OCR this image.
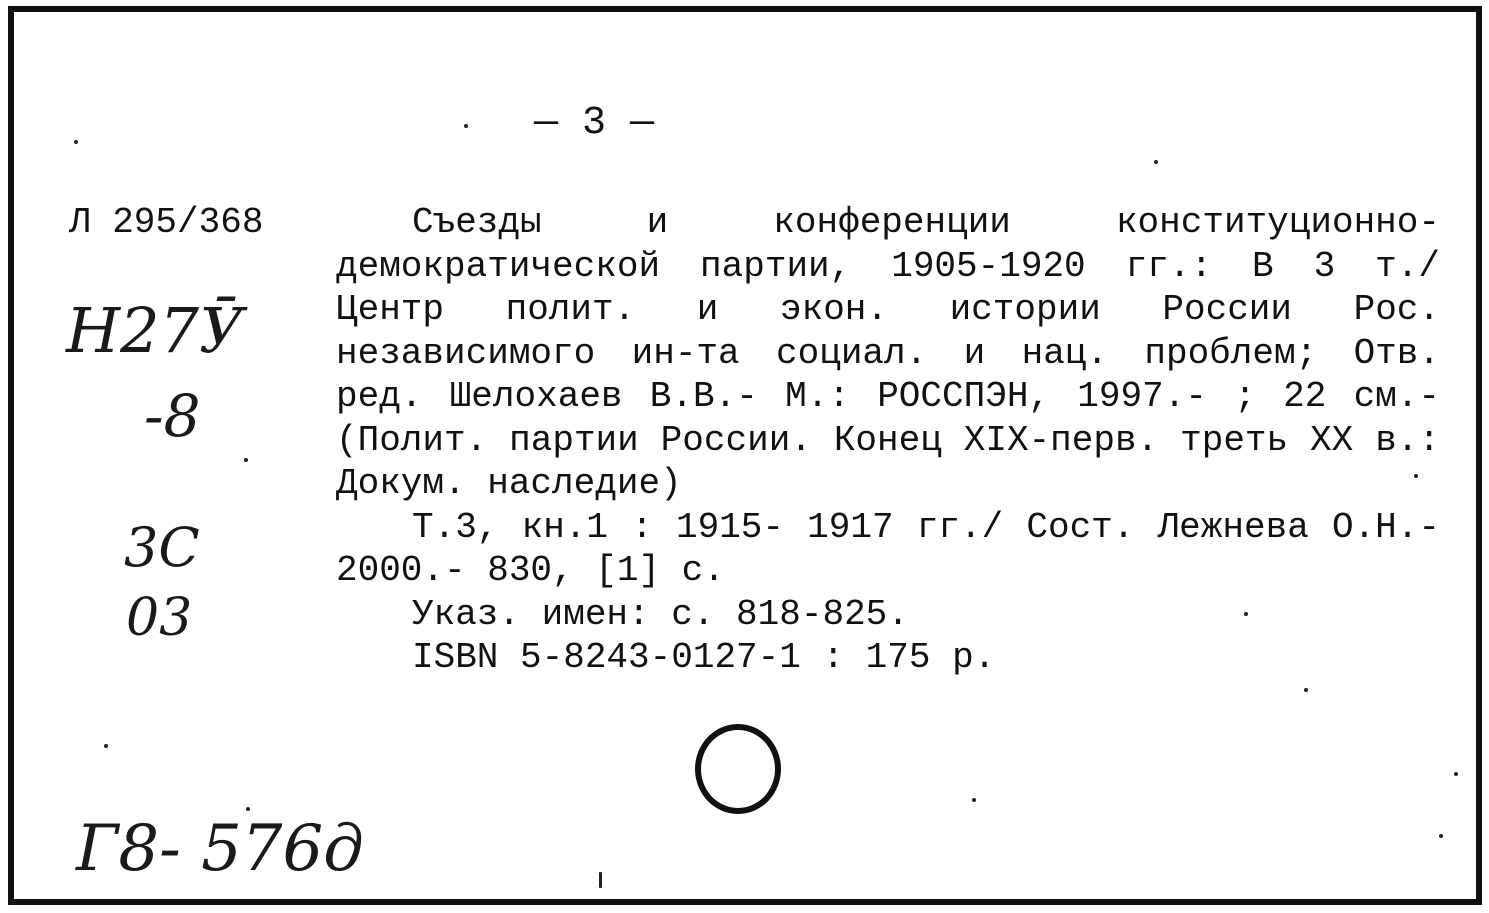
— 3 —
Л 295/368
H27Ӯ
-8
3C
03
Г8- 576д

Съезды и конференции конституционно-демократической партии, 1905-1920 гг.: В 3 т./ Центр полит. и экон. истории России Рос. независимого ин-та социал. и нац. проблем; Отв. ред. Шелохаев В.В.- М.: РОССПЭН, 1997.- ; 22 см.- (Полит. партии России. Конец XIX-перв. треть XX в.: Докум. наследие)

Т.3, кн.1 : 1915- 1917 гг./ Сост. Лежнева О.Н.- 2000.- 830, [1] с.

Указ. имен: с. 818-825.

ISBN 5-8243-0127-1 : 175 р.
